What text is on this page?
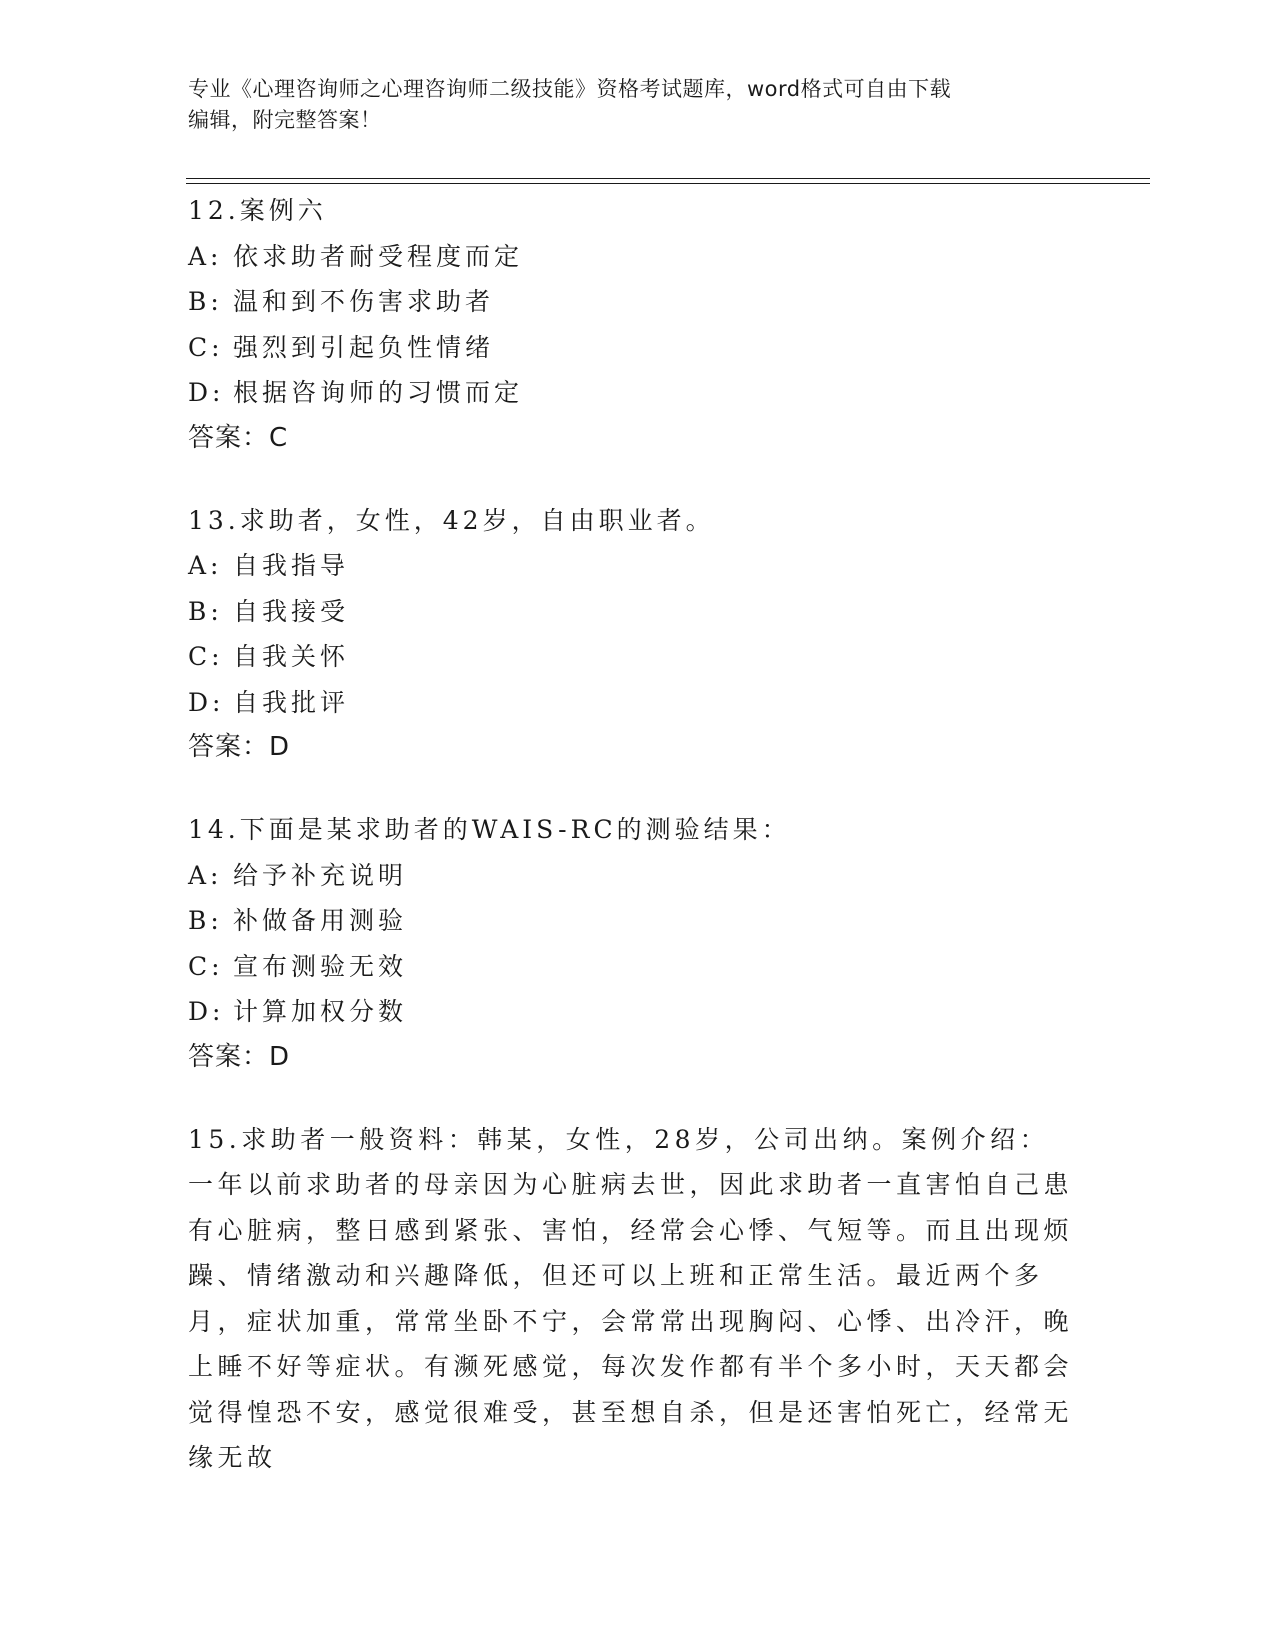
专业《心理咨询师之心理咨询师二级技能》资格考试题库，word格式可自由下载
编辑，附完整答案！
12.案例六
A: 依求助者耐受程度而定
B: 温和到不伤害求助者
C: 强烈到引起负性情绪
D: 根据咨询师的习惯而定
答案：C
13.求助者，女性，42岁，自由职业者。
A: 自我指导
B: 自我接受
C: 自我关怀
D: 自我批评
答案：D
14.下面是某求助者的WAIS-RC的测验结果：
A: 给予补充说明
B: 补做备用测验
C: 宣布测验无效
D: 计算加权分数
答案：D
15.求助者一般资料：韩某，女性，28岁，公司出纳。案例介绍：一年以前求助者的母亲因为心脏病去世，因此求助者一直害怕自己患有心脏病，整日感到紧张、害怕，经常会心悸、气短等。而且出现烦躁、情绪激动和兴趣降低，但还可以上班和正常生活。最近两个多月，症状加重，常常坐卧不宁，会常常出现胸闷、心悸、出冷汗，晚上睡不好等症状。有濒死感觉，每次发作都有半个多小时，天天都会觉得惶恐不安，感觉很难受，甚至想自杀，但是还害怕死亡，经常无缘无故
